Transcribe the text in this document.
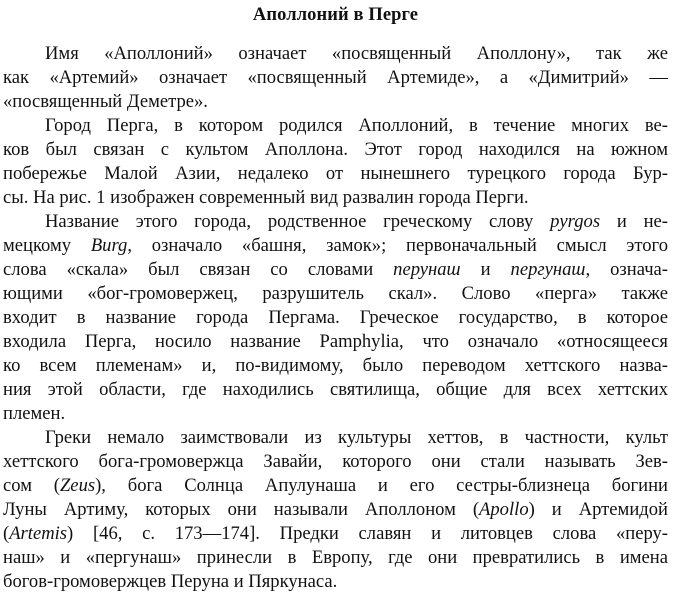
Аполлоний в Перге
Имя «Аполлоний» означает «посвященный Аполлону», так же
как «Артемий» означает «посвященный Артемиде», а «Димитрий» —
«посвященный Деметре».
Город Перга, в котором родился Аполлоний, в течение многих ве-
ков был связан с культом Аполлона. Этот город находился на южном
побережье Малой Азии, недалеко от нынешнего турецкого города Бур-
сы. На рис. 1 изображен современный вид развалин города Перги.
Название этого города, родственное греческому слову pyrgos и не-
мецкому Burg, означало «башня, замок»; первоначальный смысл этого
слова «скала» был связан со словами перунаш и пергунаш, означа-
ющими «бог-громовержец, разрушитель скал». Слово «перга» также
входит в название города Пергама. Греческое государство, в которое
входила Перга, носило название Pamphylia, что означало «относящееся
ко всем племенам» и, по-видимому, было переводом хеттского назва-
ния этой области, где находились святилища, общие для всех хеттских
племен.
Греки немало заимствовали из культуры хеттов, в частности, культ
хеттского бога-громовержца Завайи, которого они стали называть Зев-
сом (Zeus), бога Солнца Апулунаша и его сестры-близнеца богини
Луны Артиму, которых они называли Аполлоном (Apollo) и Артемидой
(Artemis) [46, с. 173—174]. Предки славян и литовцев слова «перу-
наш» и «пергунаш» принесли в Европу, где они превратились в имена
богов-громовержцев Перуна и Пяркунаса.
